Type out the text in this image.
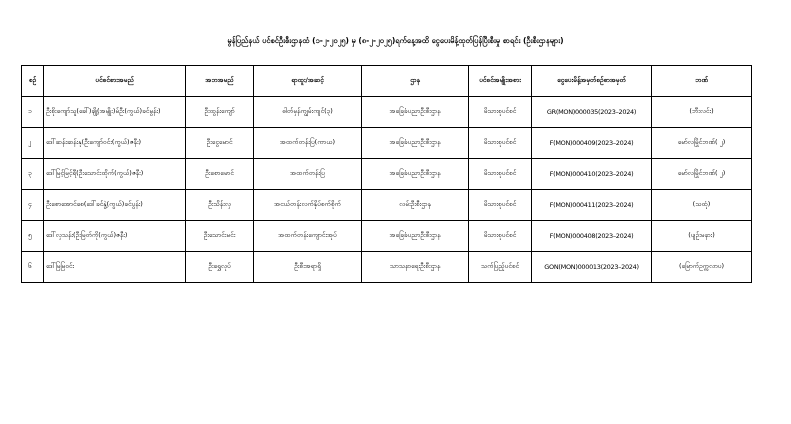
မွန်ပြည်နယ် ပင်စင်ဦးစီးဌာနထံ (၁-၂-၂၀၂၅) မှ (၈-၂-၂၀၂၅)ရက်နေ့အထိ ငွေပေးမိန့်ထုတ်ပြန်ပြီးစီးမှု စာရင်း (ဦးစီးဌာနများ)
စဉ်	ပင်စင်စားအမည်	အဘအမည်	ရာထူး/အဆင့်	ဌာန	ပင်စင်အမျိုးအစား	ငွေပေးမိန့်အမှတ်စဉ်စာအမှတ်	ဘဏ်
၁	ဦးစိုးကျော်သူ(ခေါ်)ချို့(အမျိုး)မ်ဦး(ကွယ်)ခင်မွန်း)	ဦးထွန်းကျော်	ဓါတ်မှန်ကျွမ်းကျင်(၃)	အခြေခံပညာဦးစီးဌာန	မိသားစုပင်စင်	GR(MON)000035(2023–2024)	(ဘီးလင်း)
၂	ဒေါ်ဆန်းဆန်းနု(ဦးကျော်ဝင်း(ကွယ်)ဇနီး)	ဦးငွေမောင်	အထက်တန်းပြ(ကာယ)	အခြေခံပညာဦးစီးဌာန	မိသားစုပင်စင်	F(MON)000409(2023–2024)	မော်လမြိုင်ဘဏ်( ၂)
၃	ဒေါ်မြင့်မြင့်ရီ(ဦးသောင်းထိုက်(ကွယ်)ဇနီး)	ဦးစောမောင်	အထက်တန်းပြ	အခြေခံပညာဦးစီးဌာန	မိသားစုပင်စင်	F(MON)000410(2023–2024)	မော်လမြိုင်ဘဏ်( ၂)
၄	ဦးစောအောင်စေ(ဒေါ်ခင်နွဲ့(ကွယ်)ခင်ပွန်း)	ဦးသိန်းလှ	အငယ်တန်းလက်နှိပ်စက်စိုက်	လမ်းဦးစီးဌာန	မိသားစုပင်စင်	F(MON)000411(2023–2024)	(သထုံ)
၅	ဒေါ်လှသန်း(ဦးမြတ်ကို(ကွယ်)ဇနီး)	ဦးသောင်းမင်း	အထက်တန်းကျောင်းအုပ်	အခြေခံပညာဦးစီးဌာန	မိသားစုပင်စင်	F(MON)000408(2023–2024)	(ပျဉ်းမနား)
၆	ဒေါ်မြမြဝင်း	ဦးရွှေလုပ်	ဦးစီးအရာရှိ	သာသနာရေးဦးစီးဌာန	သက်ပြည့်ပင်စင်	GON(MON)000013(2023–2024)	(မြောက်ဥက္ကလာပ)
